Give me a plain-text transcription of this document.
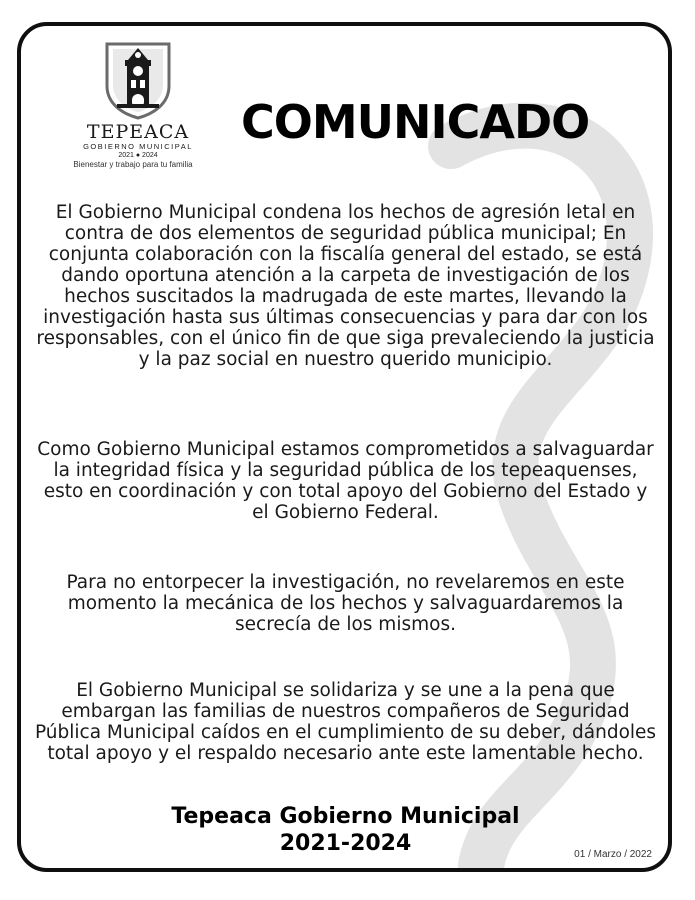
TEPEACA
GOBIERNO MUNICIPAL
2021 ● 2024
Bienestar y trabajo para tu familia
COMUNICADO
El Gobierno Municipal condena los hechos de agresión letal en contra de dos elementos de seguridad pública municipal; En conjunta colaboración con la fiscalía general del estado, se está dando oportuna atención a la carpeta de investigación de los hechos suscitados la madrugada de este martes, llevando la investigación hasta sus últimas consecuencias y para dar con los responsables, con el único fin de que siga prevaleciendo la justicia y la paz social en nuestro querido municipio.
Como Gobierno Municipal estamos comprometidos a salvaguardar la integridad física y la seguridad pública de los tepeaquenses, esto en coordinación y con total apoyo del Gobierno del Estado y el Gobierno Federal.
Para no entorpecer la investigación, no revelaremos en este momento la mecánica de los hechos y salvaguardaremos la secrecía de los mismos.
El Gobierno Municipal se solidariza y se une a la pena que embargan las familias de nuestros compañeros de Seguridad Pública Municipal caídos en el cumplimiento de su deber, dándoles total apoyo y el respaldo necesario ante este lamentable hecho.
Tepeaca Gobierno Municipal
2021-2024	01 / Marzo / 2022
